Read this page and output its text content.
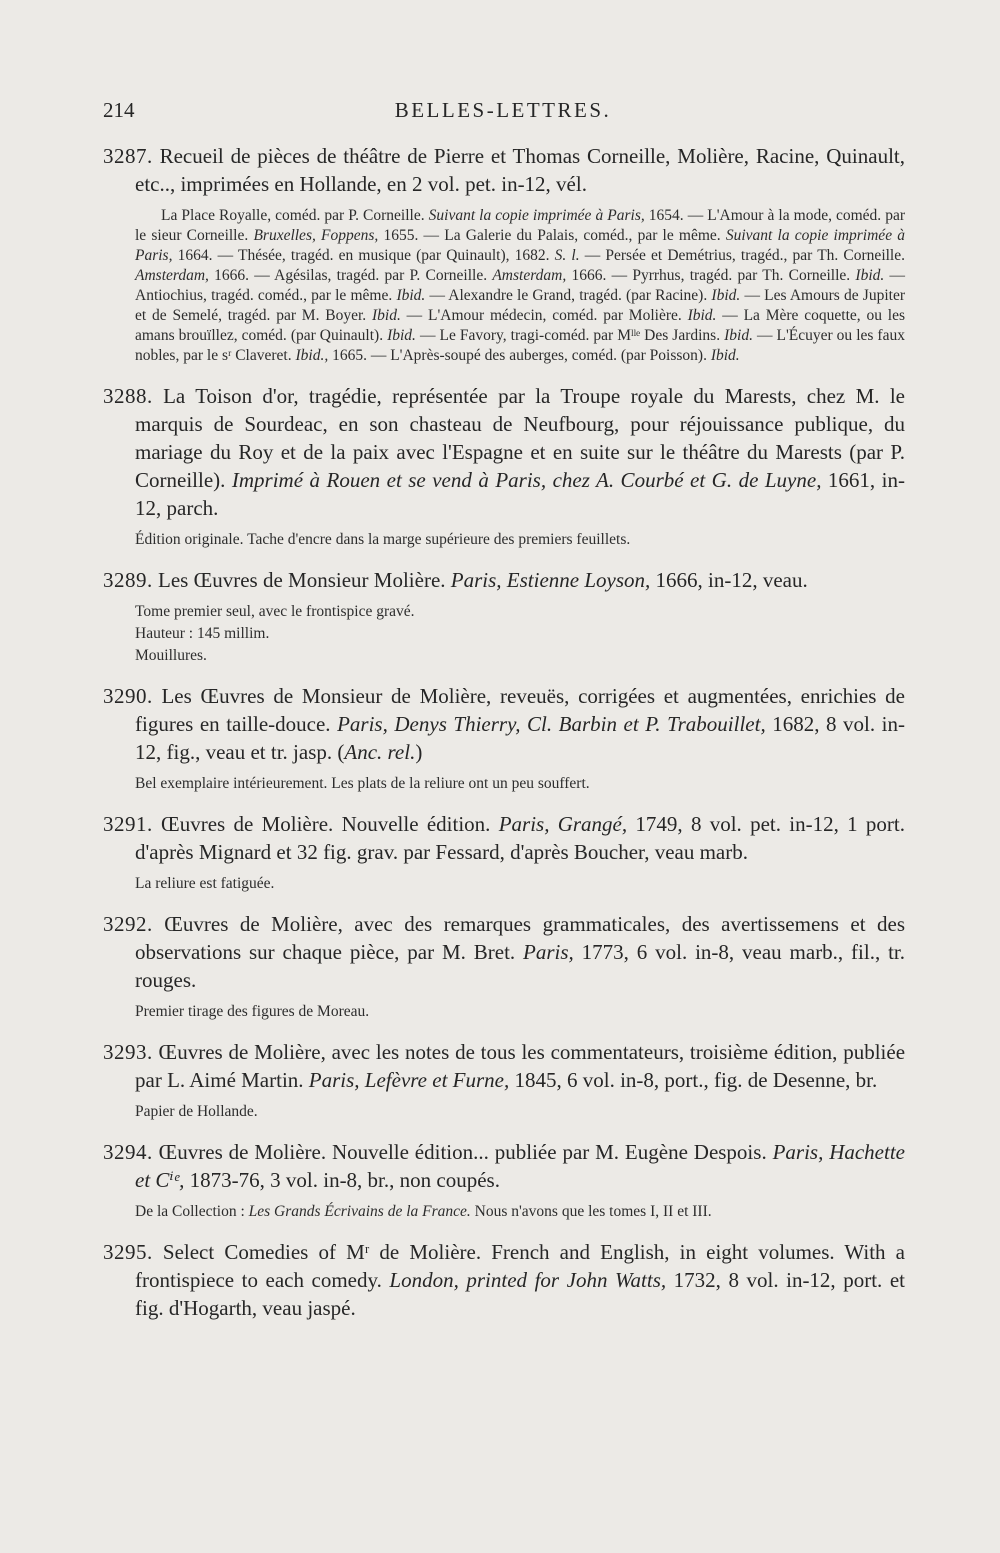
214	BELLES-LETTRES.

3287. Recueil de pièces de théâtre de Pierre et Thomas Corneille, Molière, Racine, Quinault, etc.., imprimées en Hollande, en 2 vol. pet. in-12, vél.

La Place Royalle, coméd. par P. Corneille. Suivant la copie imprimée à Paris, 1654. — L'Amour à la mode, coméd. par le sieur Corneille. Bruxelles, Foppens, 1655. — La Galerie du Palais, coméd., par le même. Suivant la copie imprimée à Paris, 1664. — Thésée, tragéd. en musique (par Quinault), 1682. S. l. — Persée et Demétrius, tragéd., par Th. Corneille. Amsterdam, 1666. — Agésilas, tragéd. par P. Corneille. Amsterdam, 1666. — Pyrrhus, tragéd. par Th. Corneille. Ibid. — Antiochius, tragéd. coméd., par le même. Ibid. — Alexandre le Grand, tragéd. (par Racine). Ibid. — Les Amours de Jupiter et de Semelé, tragéd. par M. Boyer. Ibid. — L'Amour médecin, coméd. par Molière. Ibid. — La Mère coquette, ou les amans brouïllez, coméd. (par Quinault). Ibid. — Le Favory, tragi-coméd. par Mˡˡᵉ Des Jardins. Ibid. — L'Écuyer ou les faux nobles, par le sʳ Claveret. Ibid., 1665. — L'Après-soupé des auberges, coméd. (par Poisson). Ibid.

3288. La Toison d'or, tragédie, représentée par la Troupe royale du Marests, chez M. le marquis de Sourdeac, en son chasteau de Neufbourg, pour réjouissance publique, du mariage du Roy et de la paix avec l'Espagne et en suite sur le théâtre du Marests (par P. Corneille). Imprimé à Rouen et se vend à Paris, chez A. Courbé et G. de Luyne, 1661, in-12, parch.

Édition originale. Tache d'encre dans la marge supérieure des premiers feuillets.

3289. Les Œuvres de Monsieur Molière. Paris, Estienne Loyson, 1666, in-12, veau.

Tome premier seul, avec le frontispice gravé.
Hauteur : 145 millim.
Mouillures.

3290. Les Œuvres de Monsieur de Molière, reveuës, corrigées et augmentées, enrichies de figures en taille-douce. Paris, Denys Thierry, Cl. Barbin et P. Trabouillet, 1682, 8 vol. in-12, fig., veau et tr. jasp. (Anc. rel.)

Bel exemplaire intérieurement. Les plats de la reliure ont un peu souffert.

3291. Œuvres de Molière. Nouvelle édition. Paris, Grangé, 1749, 8 vol. pet. in-12, 1 port. d'après Mignard et 32 fig. grav. par Fessard, d'après Boucher, veau marb.

La reliure est fatiguée.

3292. Œuvres de Molière, avec des remarques grammaticales, des avertissemens et des observations sur chaque pièce, par M. Bret. Paris, 1773, 6 vol. in-8, veau marb., fil., tr. rouges.

Premier tirage des figures de Moreau.

3293. Œuvres de Molière, avec les notes de tous les commentateurs, troisième édition, publiée par L. Aimé Martin. Paris, Lefèvre et Furne, 1845, 6 vol. in-8, port., fig. de Desenne, br.

Papier de Hollande.

3294. Œuvres de Molière. Nouvelle édition... publiée par M. Eugène Despois. Paris, Hachette et Cⁱᵉ, 1873-76, 3 vol. in-8, br., non coupés.

De la Collection : Les Grands Écrivains de la France. Nous n'avons que les tomes I, II et III.

3295. Select Comedies of Mʳ de Molière. French and English, in eight volumes. With a frontispiece to each comedy. London, printed for John Watts, 1732, 8 vol. in-12, port. et fig. d'Hogarth, veau jaspé.
